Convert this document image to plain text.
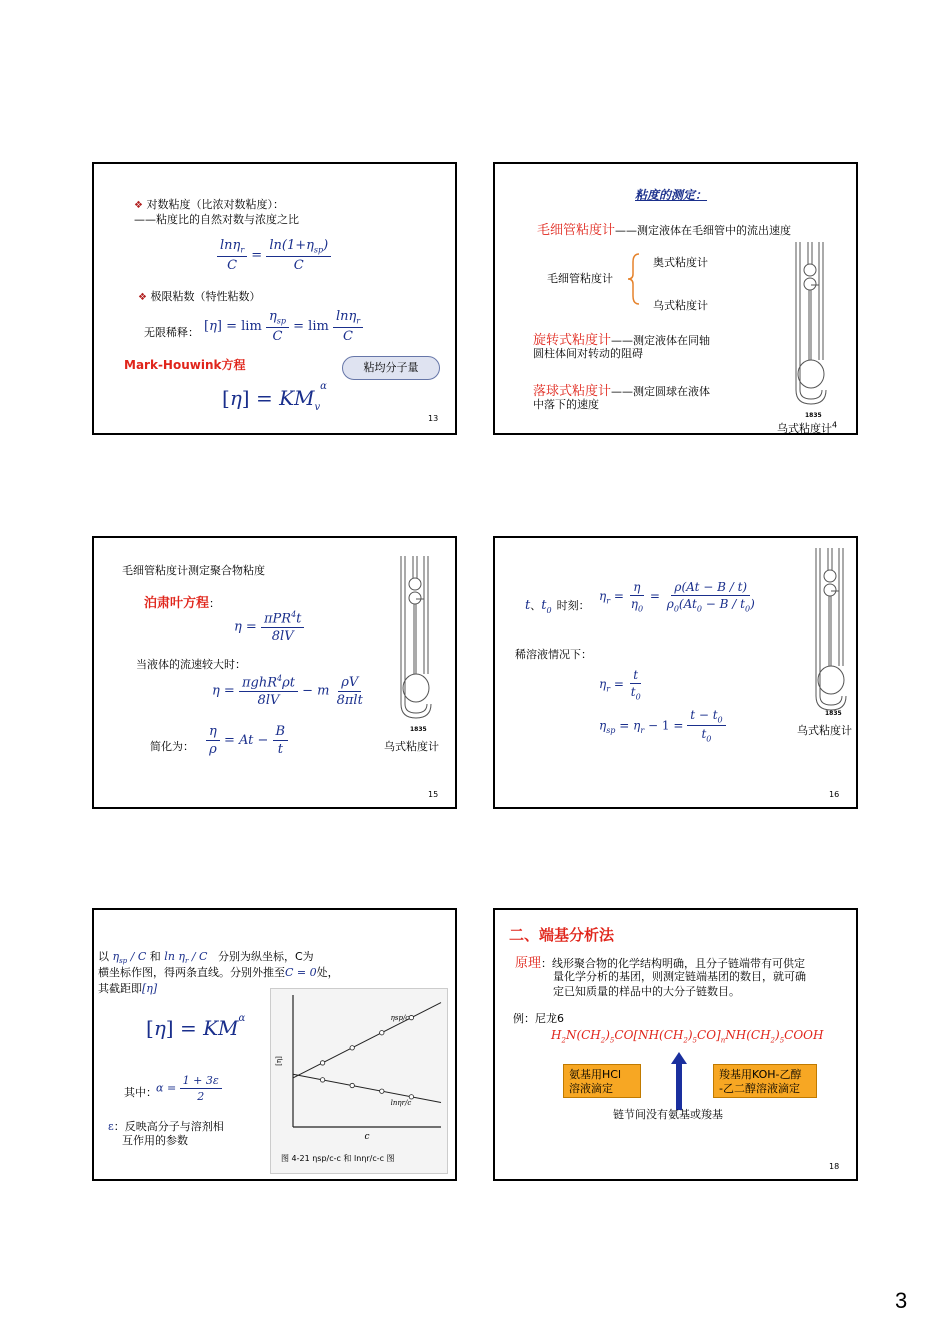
❖ 对数粘度（比浓对数粘度）：
——粘度比的自然对数与浓度之比
$\frac{\ln\eta_r}{C} = \frac{\ln(1+\eta_{sp})}{C}$
❖ 极限粘数（特性粘数）
无限稀释： $[\eta] = \lim \frac{\eta_{sp}}{C} = \lim \frac{\ln\eta_r}{C}$
Mark-Houwink方程	粘均分子量
$[\eta] = KM_v^\alpha$
13
粘度的测定：
毛细管粘度计——测定液体在毛细管中的流出速度
毛细管粘度计
奥式粘度计
乌式粘度计
旋转式粘度计——测定液体在同轴
圆柱体间对转动的阻碍
落球式粘度计——测定圆球在液体
中落下的速度
1835
乌式粘度计$^4$
毛细管粘度计测定聚合物粘度
泊肃叶方程：
$\eta = \frac{\pi PR^4t}{8lV}$
当液体的流速较大时：
$\eta = \frac{\pi ghR^4\rho t}{8lV} - m \frac{\rho V}{\text{8πlt}}$
简化为： $\frac{\eta}{\rho} = At - \frac{B}{t}$	1835
乌式粘度计
15
t、$t_0$ 时刻：
$\eta_r = \frac{\eta}{\eta_0} = \frac{\rho(At - B / t)}{\rho_0(At_0 - B / t_0)}$
稀溶液情况下：
$\eta_r = \frac{t}{t_0}$
$\eta_{sp} = \eta_r - 1 = \frac{t - t_0}{t_0}$	1835
乌式粘度计
16
以 $\eta_{sp}$ / C 和 $\ln \eta_r$ / C 分别为纵坐标，C为
横坐标作图，得两条直线。分别外推至C = 0处，
其截距即[η]
$[\eta] = KM^\alpha$
其中： $\alpha = \frac{1 + 3\varepsilon}{2}$
ε：反映高分子与溶剂相
互作用的参数	c
[η]
ηsp/c
lnηr/c
图 4-21 ηsp/c-c 和 lnηr/c-c 图
二、端基分析法
原理：线形聚合物的化学结构明确，且分子链端带有可供定
量化学分析的基团，则测定链端基团的数目，就可确
定已知质量的样品中的大分子链数目。
例：尼龙6
$H_2N(CH_2)_5CO[NH(CH_2)_5CO]_nNH(CH_2)_5COOH$
氨基用HCl
溶液滴定
羧基用KOH-乙醇
-乙二醇溶液滴定
链节间没有氨基或羧基
18
3
